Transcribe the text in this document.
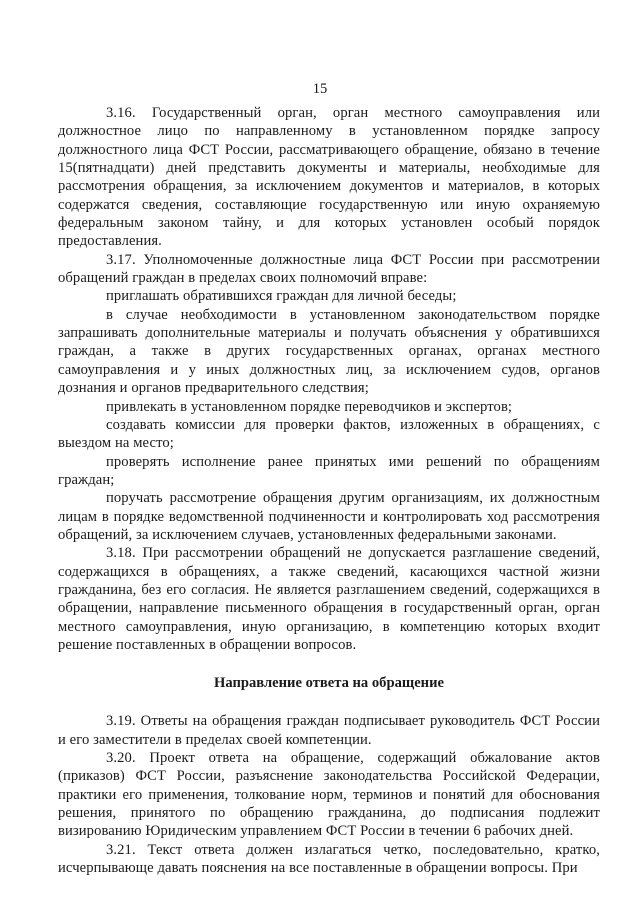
15

3.16. Государственный орган, орган местного самоуправления или должностное лицо по направленному в установленном порядке запросу должностного лица ФСТ России, рассматривающего обращение, обязано в течение 15(пятнадцати) дней представить документы и материалы, необходимые для рассмотрения обращения, за исключением документов и материалов, в которых содержатся сведения, составляющие государственную или иную охраняемую федеральным законом тайну, и для которых установлен особый порядок предоставления.

3.17. Уполномоченные должностные лица ФСТ России при рассмотрении обращений граждан в пределах своих полномочий вправе:

приглашать обратившихся граждан для личной беседы;

в случае необходимости в установленном законодательством порядке запрашивать дополнительные материалы и получать объяснения у обратившихся граждан, а также в других государственных органах, органах местного самоуправления и у иных должностных лиц, за исключением судов, органов дознания и органов предварительного следствия;

привлекать в установленном порядке переводчиков и экспертов;

создавать комиссии для проверки фактов, изложенных в обращениях, с выездом на место;

проверять исполнение ранее принятых ими решений по обращениям граждан;

поручать рассмотрение обращения другим организациям, их должностным лицам в порядке ведомственной подчиненности и контролировать ход рассмотрения обращений, за исключением случаев, установленных федеральными законами.

3.18. При рассмотрении обращений не допускается разглашение сведений, содержащихся в обращениях, а также сведений, касающихся частной жизни гражданина, без его согласия. Не является разглашением сведений, содержащихся в обращении, направление письменного обращения в государственный орган, орган местного самоуправления, иную организацию, в компетенцию которых входит решение поставленных в обращении вопросов.

Направление ответа на обращение

3.19. Ответы на обращения граждан подписывает руководитель ФСТ России и его заместители в пределах своей компетенции.

3.20. Проект ответа на обращение, содержащий обжалование актов (приказов) ФСТ России, разъяснение законодательства Российской Федерации, практики его применения, толкование норм, терминов и понятий для обоснования решения, принятого по обращению гражданина, до подписания подлежит визированию Юридическим управлением ФСТ России в течении 6 рабочих дней.

3.21. Текст ответа должен излагаться четко, последовательно, кратко, исчерпывающе давать пояснения на все поставленные в обращении вопросы. При
